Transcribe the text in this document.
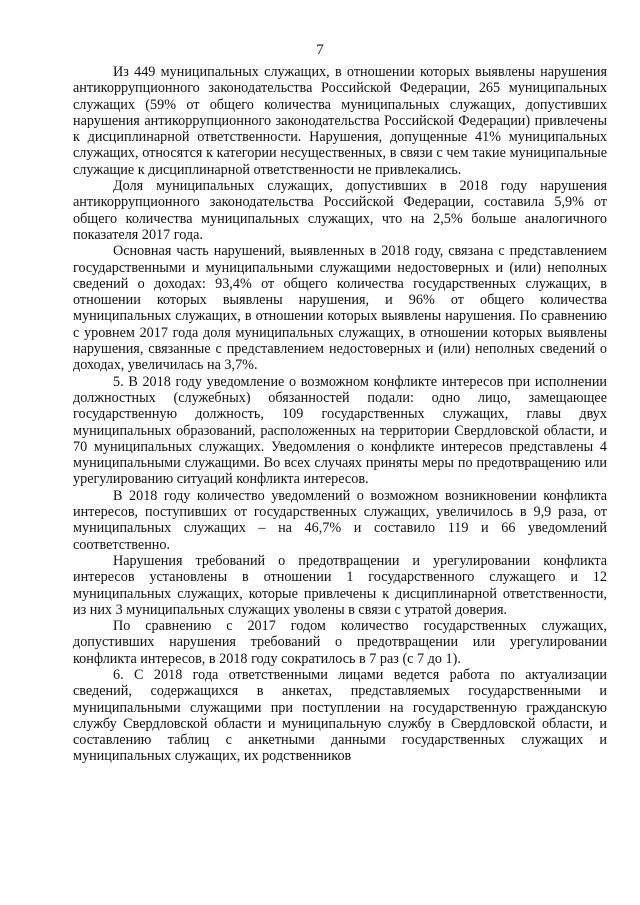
7

Из 449 муниципальных служащих, в отношении которых выявлены нарушения антикоррупционного законодательства Российской Федерации, 265 муниципальных служащих (59% от общего количества муниципальных служащих, допустивших нарушения антикоррупционного законодательства Российской Федерации) привлечены к дисциплинарной ответственности. Нарушения, допущенные 41% муниципальных служащих, относятся к категории несущественных, в связи с чем такие муниципальные служащие к дисциплинарной ответственности не привлекались.

Доля муниципальных служащих, допустивших в 2018 году нарушения антикоррупционного законодательства Российской Федерации, составила 5,9% от общего количества муниципальных служащих, что на 2,5% больше аналогичного показателя 2017 года.

Основная часть нарушений, выявленных в 2018 году, связана с представлением государственными и муниципальными служащими недостоверных и (или) неполных сведений о доходах: 93,4% от общего количества государственных служащих, в отношении которых выявлены нарушения, и 96% от общего количества муниципальных служащих, в отношении которых выявлены нарушения. По сравнению с уровнем 2017 года доля муниципальных служащих, в отношении которых выявлены нарушения, связанные с представлением недостоверных и (или) неполных сведений о доходах, увеличилась на 3,7%.

5. В 2018 году уведомление о возможном конфликте интересов при исполнении должностных (служебных) обязанностей подали: одно лицо, замещающее государственную должность, 109 государственных служащих, главы двух муниципальных образований, расположенных на территории Свердловской области, и 70 муниципальных служащих. Уведомления о конфликте интересов представлены 4 муниципальными служащими. Во всех случаях приняты меры по предотвращению или урегулированию ситуаций конфликта интересов.

В 2018 году количество уведомлений о возможном возникновении конфликта интересов, поступивших от государственных служащих, увеличилось в 9,9 раза, от муниципальных служащих – на 46,7% и составило 119 и 66 уведомлений соответственно.

Нарушения требований о предотвращении и урегулировании конфликта интересов установлены в отношении 1 государственного служащего и 12 муниципальных служащих, которые привлечены к дисциплинарной ответственности, из них 3 муниципальных служащих уволены в связи с утратой доверия.

По сравнению с 2017 годом количество государственных служащих, допустивших нарушения требований о предотвращении или урегулировании конфликта интересов, в 2018 году сократилось в 7 раз (с 7 до 1).

6. С 2018 года ответственными лицами ведется работа по актуализации сведений, содержащихся в анкетах, представляемых государственными и муниципальными служащими при поступлении на государственную гражданскую службу Свердловской области и муниципальную службу в Свердловской области, и составлению таблиц с анкетными данными государственных служащих и муниципальных служащих, их родственников
